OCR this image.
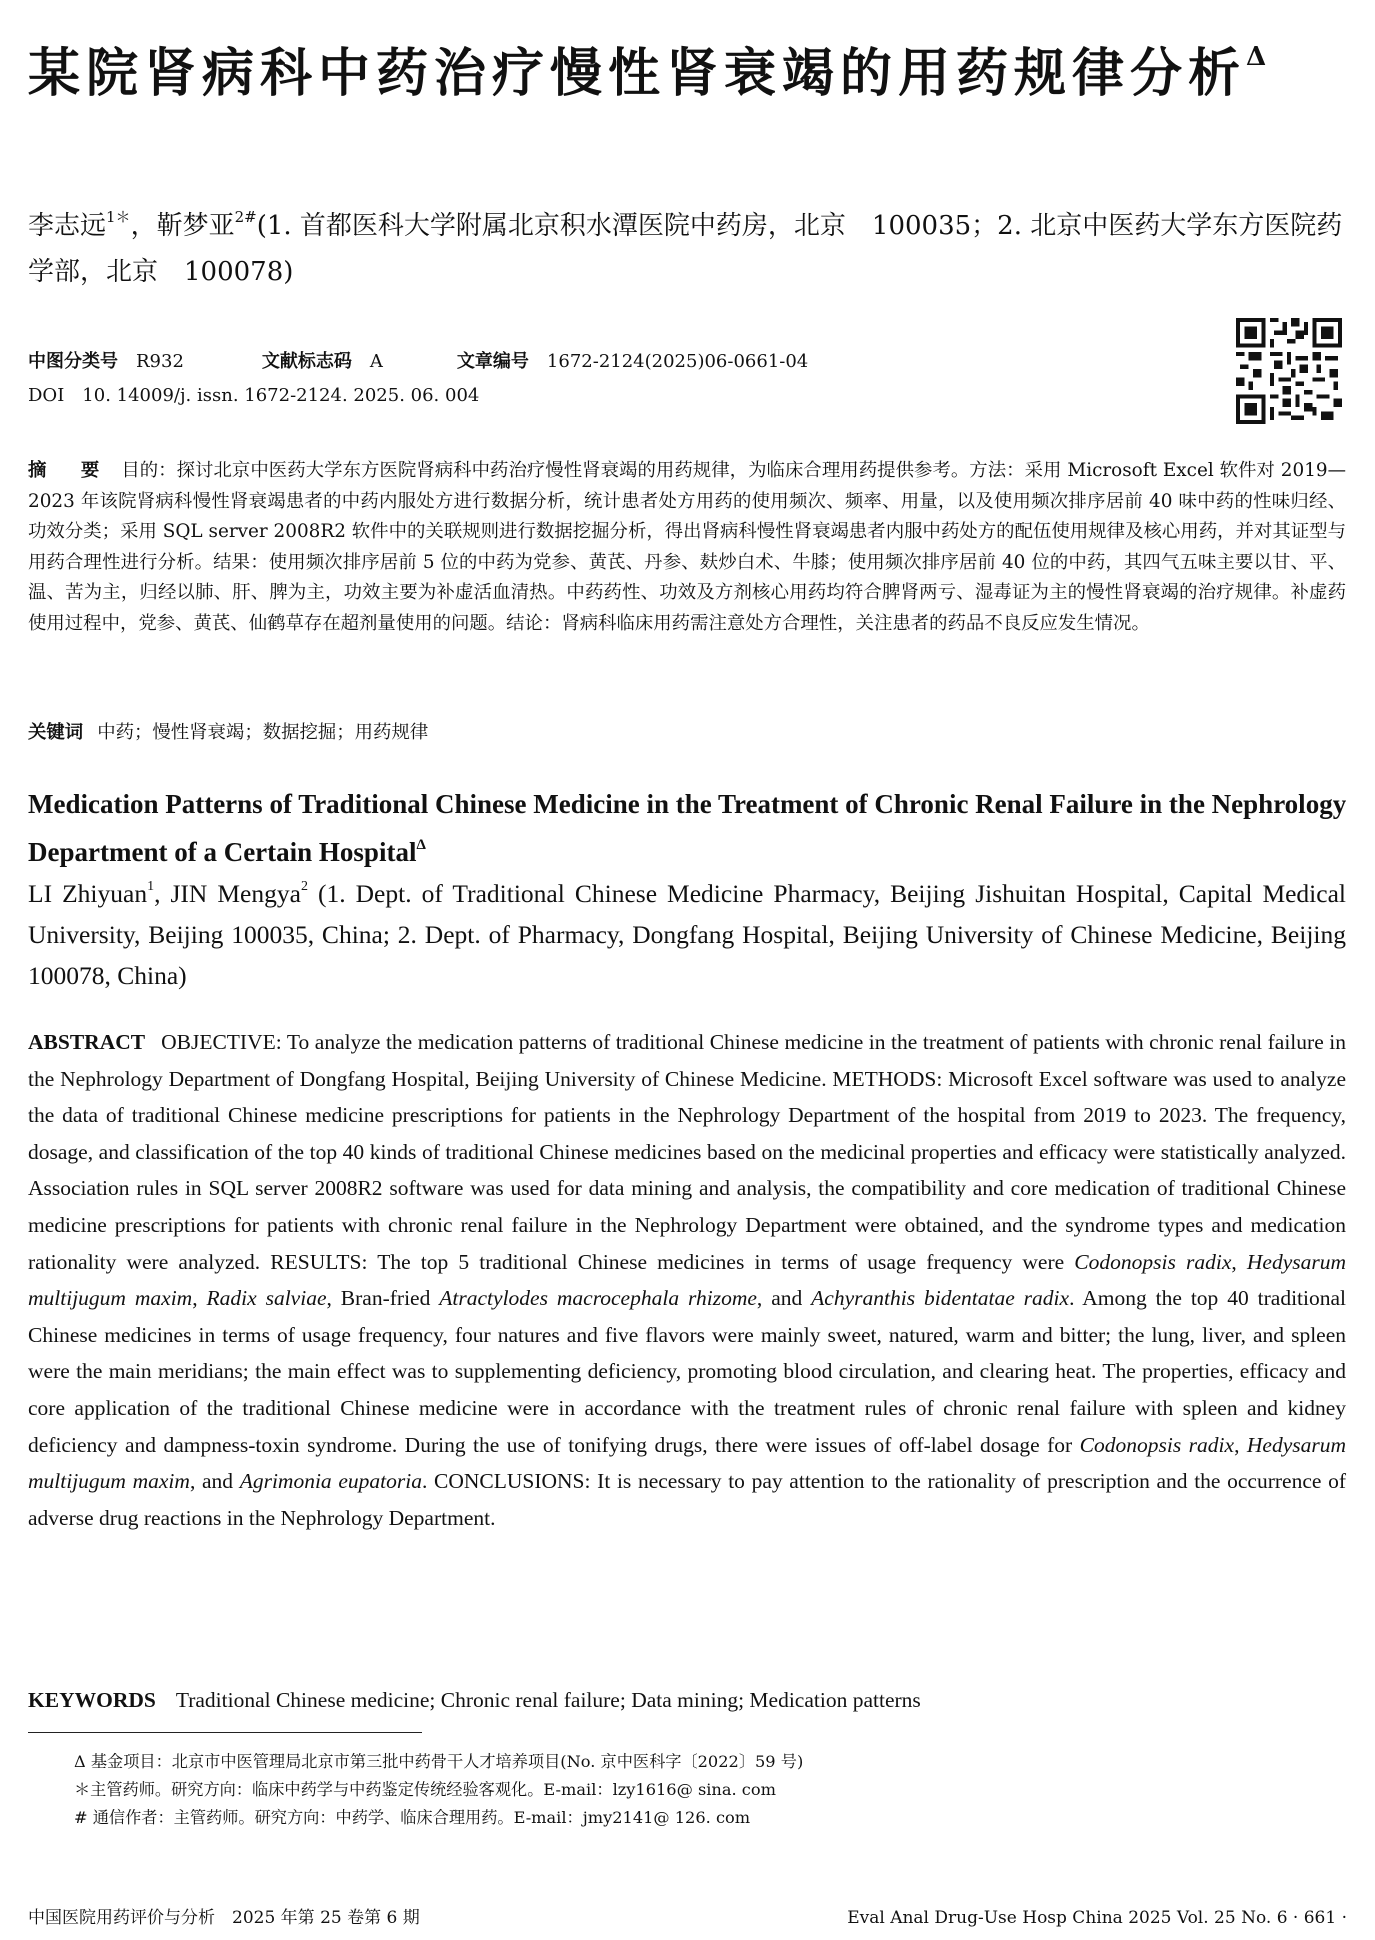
某院肾病科中药治疗慢性肾衰竭的用药规律分析$^\Delta$
李志远$^{1*}$，靳梦亚$^{2\#}$(1. 首都医科大学附属北京积水潭医院中药房，北京　100035；2. 北京中医药大学东方医院药学部，北京　100078)
中图分类号 R932	文献标志码 A	文章编号 1672-2124(2025)06-0661-04
DOI　10. 14009/j. issn. 1672-2124. 2025. 06. 004
摘　要 目的：探讨北京中医药大学东方医院肾病科中药治疗慢性肾衰竭的用药规律，为临床合理用药提供参考。方法：采用 Microsoft Excel 软件对 2019—2023 年该院肾病科慢性肾衰竭患者的中药内服处方进行数据分析，统计患者处方用药的使用频次、频率、用量，以及使用频次排序居前 40 味中药的性味归经、功效分类；采用 SQL server 2008R2 软件中的关联规则进行数据挖掘分析，得出肾病科慢性肾衰竭患者内服中药处方的配伍使用规律及核心用药，并对其证型与用药合理性进行分析。结果：使用频次排序居前 5 位的中药为党参、黄芪、丹参、麸炒白术、牛膝；使用频次排序居前 40 位的中药，其四气五味主要以甘、平、温、苦为主，归经以肺、肝、脾为主，功效主要为补虚活血清热。中药药性、功效及方剂核心用药均符合脾肾两亏、湿毒证为主的慢性肾衰竭的治疗规律。补虚药使用过程中，党参、黄芪、仙鹤草存在超剂量使用的问题。结论：肾病科临床用药需注意处方合理性，关注患者的药品不良反应发生情况。
关键词 中药；慢性肾衰竭；数据挖掘；用药规律
Medication Patterns of Traditional Chinese Medicine in the Treatment of Chronic Renal Failure in the Nephrology Department of a Certain Hospital$^\Delta$
LI Zhiyuan$^1$, JIN Mengya$^2$ (1. Dept. of Traditional Chinese Medicine Pharmacy, Beijing Jishuitan Hospital, Capital Medical University, Beijing 100035, China; 2. Dept. of Pharmacy, Dongfang Hospital, Beijing University of Chinese Medicine, Beijing 100078, China)
ABSTRACT OBJECTIVE: To analyze the medication patterns of traditional Chinese medicine in the treatment of patients with chronic renal failure in the Nephrology Department of Dongfang Hospital, Beijing University of Chinese Medicine. METHODS: Microsoft Excel software was used to analyze the data of traditional Chinese medicine prescriptions for patients in the Nephrology Department of the hospital from 2019 to 2023. The frequency, dosage, and classification of the top 40 kinds of traditional Chinese medicines based on the medicinal properties and efficacy were statistically analyzed. Association rules in SQL server 2008R2 software was used for data mining and analysis, the compatibility and core medication of traditional Chinese medicine prescriptions for patients with chronic renal failure in the Nephrology Department were obtained, and the syndrome types and medication rationality were analyzed. RESULTS: The top 5 traditional Chinese medicines in terms of usage frequency were Codonopsis radix, Hedysarum multijugum maxim, Radix salviae, Bran-fried Atractylodes macrocephala rhizome, and Achyranthis bidentatae radix. Among the top 40 traditional Chinese medicines in terms of usage frequency, four natures and five flavors were mainly sweet, natured, warm and bitter; the lung, liver, and spleen were the main meridians; the main effect was to supplementing deficiency, promoting blood circulation, and clearing heat. The properties, efficacy and core application of the traditional Chinese medicine were in accordance with the treatment rules of chronic renal failure with spleen and kidney deficiency and dampness-toxin syndrome. During the use of tonifying drugs, there were issues of off-label dosage for Codonopsis radix, Hedysarum multijugum maxim, and Agrimonia eupatoria. CONCLUSIONS: It is necessary to pay attention to the rationality of prescription and the occurrence of adverse drug reactions in the Nephrology Department.
KEYWORDS Traditional Chinese medicine; Chronic renal failure; Data mining; Medication patterns
Δ 基金项目：北京市中医管理局北京市第三批中药骨干人才培养项目(No. 京中医科字〔2022〕59 号)
＊主管药师。研究方向：临床中药学与中药鉴定传统经验客观化。E-mail：lzy1616@ sina. com
# 通信作者：主管药师。研究方向：中药学、临床合理用药。E-mail：jmy2141@ 126. com
中国医院用药评价与分析　2025 年第 25 卷第 6 期	Eval Anal Drug-Use Hosp China 2025 Vol. 25 No. 6 · 661 ·
